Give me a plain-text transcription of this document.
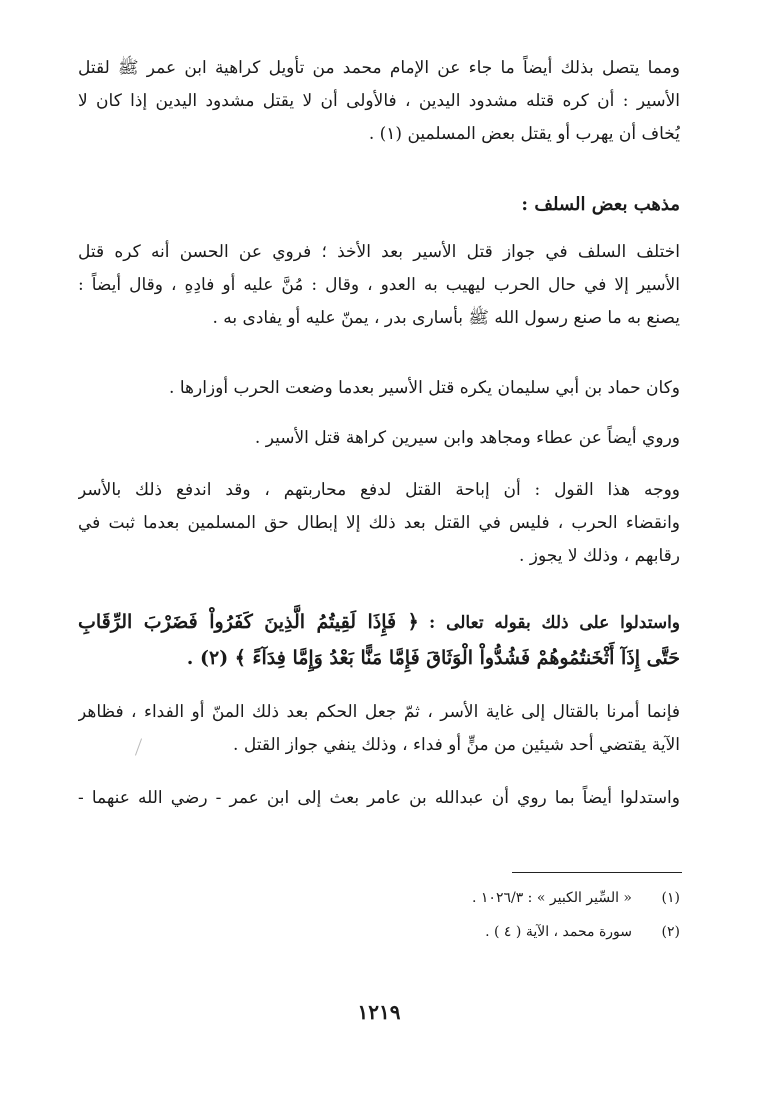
ومما يتصل بذلك أيضاً ما جاء عن الإمام محمد من تأويل كراهية ابن عمر ﷺ لقتل
الأسير : أن كره قتله مشدود اليدين ، فالأولى أن لا يقتل مشدود اليدين إذا كان لا
يُخاف أن يهرب أو يقتل بعض المسلمين (١) .
مذهب بعض السلف :
اختلف السلف في جواز قتل الأسير بعد الأخذ ؛ فروي عن الحسن أنه كره قتل
الأسير إلا في حال الحرب ليهيب به العدو ، وقال : مُنَّ عليه أو فادِهِ ، وقال أيضاً :
يصنع به ما صنع رسول الله ﷺ بأسارى بدر ، يمنّ عليه أو يفادى به .
وكان حماد بن أبي سليمان يكره قتل الأسير بعدما وضعت الحرب أوزارها .
وروي أيضاً عن عطاء ومجاهد وابن سيرين كراهة قتل الأسير .
ووجه هذا القول : أن إباحة القتل لدفع محاربتهم ، وقد اندفع ذلك بالأسر
وانقضاء الحرب ، فليس في القتل بعد ذلك إلا إبطال حق المسلمين بعدما ثبت في
رقابهم ، وذلك لا يجوز .
واستدلوا على ذلك بقوله تعالى : ﴿ فَإِذَا لَقِيتُمُ الَّذِينَ كَفَرُواْ فَضَرْبَ الرِّقَابِ
حَتَّى إِذَآ أَثْخَنتُمُوهُمْ فَشُدُّواْ الْوَثَاقَ فَإِمَّا مَنًّا بَعْدُ وَإِمَّا فِدَآءً ﴾ (٢) .
فإنما أمرنا بالقتال إلى غاية الأسر ، ثمّ جعل الحكم بعد ذلك المنّ أو الفداء ، فظاهر
الآية يقتضي أحد شيئين من منٍّ أو فداء ، وذلك ينفي جواز القتل .
واستدلوا أيضاً بما روي أن عبدالله بن عامر بعث إلى ابن عمر - رضي الله عنهما -
(١)« السِّير الكبير » : ١٠٢٦/٣ .
(٢)سورة محمد ، الآية ( ٤ ) .
١٢١٩
